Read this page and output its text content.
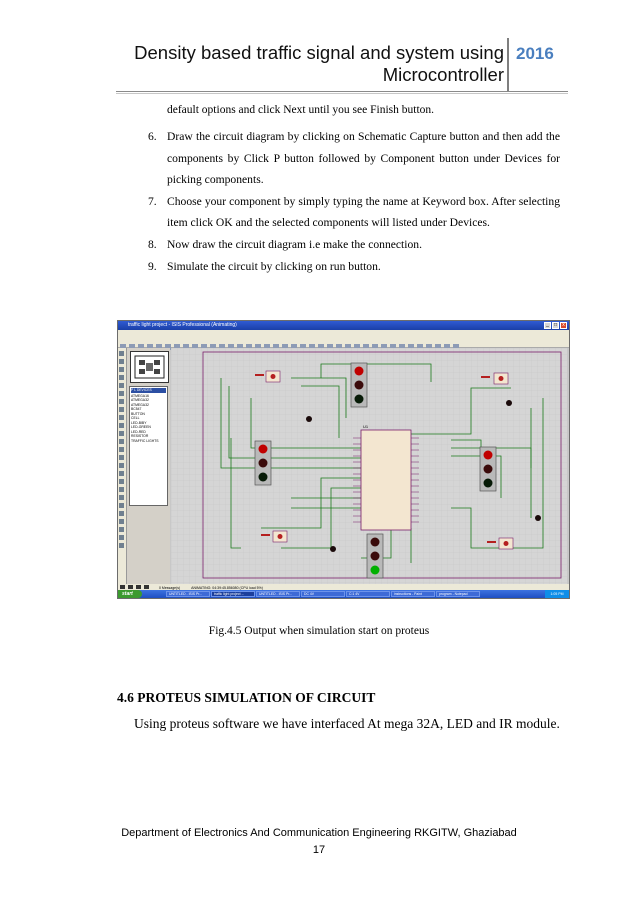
Density based traffic signal and system using
Microcontroller
2016
default options and click Next until you see Finish button.
6. Draw the circuit diagram by clicking on Schematic Capture button and then add the components by Click P button followed by Component button under Devices for picking components.
7. Choose your component by simply typing the name at Keyword box. After selecting item click OK and the selected components will listed under Devices.
8. Now draw the circuit diagram i.e make the connection.
9. Simulate the circuit by clicking on run button.
traffic light project - ISIS Professional (Animating)	_	□	x
P L DEVICES
ATMEGA16
ATMEGA32
ATMEGA32
BC547
BUTTON
CELL
LED-BIBY
LED-GREEN
LED-RED
RESISTOR
TRAFFIC LIGHTS
U1
0 Message(s)	ANIMATING: 04:39:45.856080 (CPU load 5%)
start	UNTITLED - ISIS Pr...	traffic light project ...	UNTITLED - ISIS Pr...	DC 4V	C:1 4V	instructions - Paint	program - Notepad	1:05 PM
Fig.4.5 Output when simulation start on proteus
4.6 PROTEUS SIMULATION OF CIRCUIT
Using proteus software we have interfaced At mega 32A, LED and IR module.
Department of Electronics And Communication Engineering RKGITW, Ghaziabad
17
